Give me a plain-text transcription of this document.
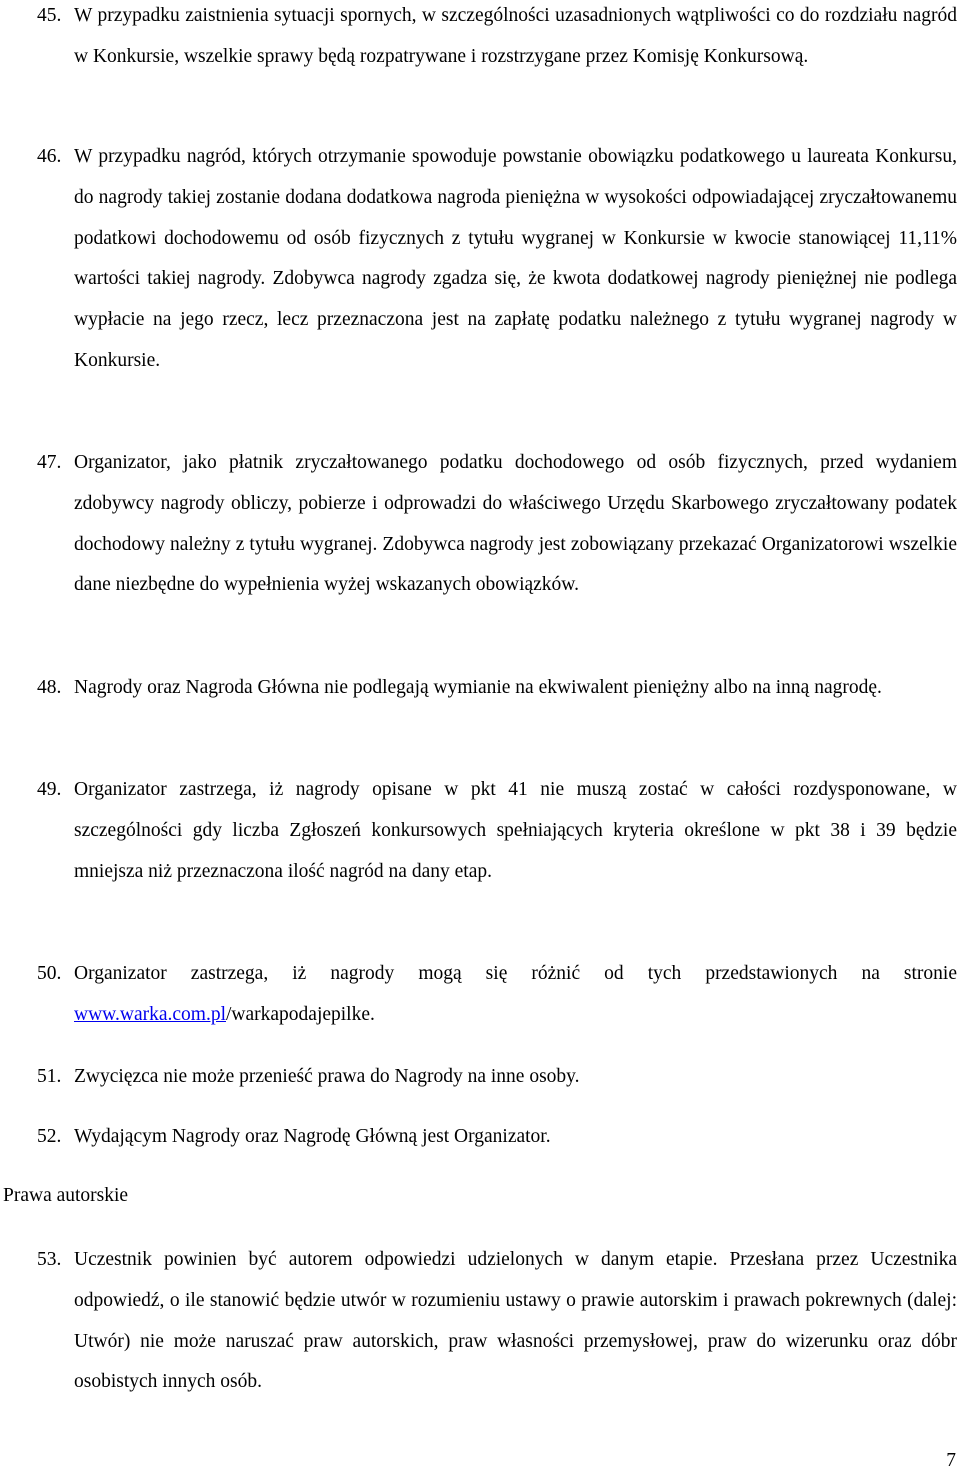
45. W przypadku zaistnienia sytuacji spornych, w szczególności uzasadnionych wątpliwości co do rozdziału nagród w Konkursie, wszelkie sprawy będą rozpatrywane i rozstrzygane przez Komisję Konkursową.
46. W przypadku nagród, których otrzymanie spowoduje powstanie obowiązku podatkowego u laureata Konkursu, do nagrody takiej zostanie dodana dodatkowa nagroda pieniężna w wysokości odpowiadającej zryczałtowanemu podatkowi dochodowemu od osób fizycznych z tytułu wygranej w Konkursie w kwocie stanowiącej 11,11% wartości takiej nagrody. Zdobywca nagrody zgadza się, że kwota dodatkowej nagrody pieniężnej nie podlega wypłacie na jego rzecz, lecz przeznaczona jest na zapłatę podatku należnego z tytułu wygranej nagrody w Konkursie.
47. Organizator, jako płatnik zryczałtowanego podatku dochodowego od osób fizycznych, przed wydaniem zdobywcy nagrody obliczy, pobierze i odprowadzi do właściwego Urzędu Skarbowego zryczałtowany podatek dochodowy należny z tytułu wygranej. Zdobywca nagrody jest zobowiązany przekazać Organizatorowi wszelkie dane niezbędne do wypełnienia wyżej wskazanych obowiązków.
48. Nagrody oraz Nagroda Główna nie podlegają wymianie na ekwiwalent pieniężny albo na inną nagrodę.
49. Organizator zastrzega, iż nagrody opisane w pkt 41 nie muszą zostać w całości rozdysponowane, w szczególności gdy liczba Zgłoszeń konkursowych spełniających kryteria określone w pkt 38 i 39 będzie mniejsza niż przeznaczona ilość nagród na dany etap.
50. Organizator zastrzega, iż nagrody mogą się różnić od tych przedstawionych na stronie www.warka.com.pl/warkapodajepilke.
51. Zwycięzca nie może przenieść prawa do Nagrody na inne osoby.
52. Wydającym Nagrody oraz Nagrodę Główną jest Organizator.
Prawa autorskie
53. Uczestnik powinien być autorem odpowiedzi udzielonych w danym etapie. Przesłana przez Uczestnika odpowiedź, o ile stanowić będzie utwór w rozumieniu ustawy o prawie autorskim i prawach pokrewnych (dalej: Utwór) nie może naruszać praw autorskich, praw własności przemysłowej, praw do wizerunku oraz dóbr osobistych innych osób.
7
